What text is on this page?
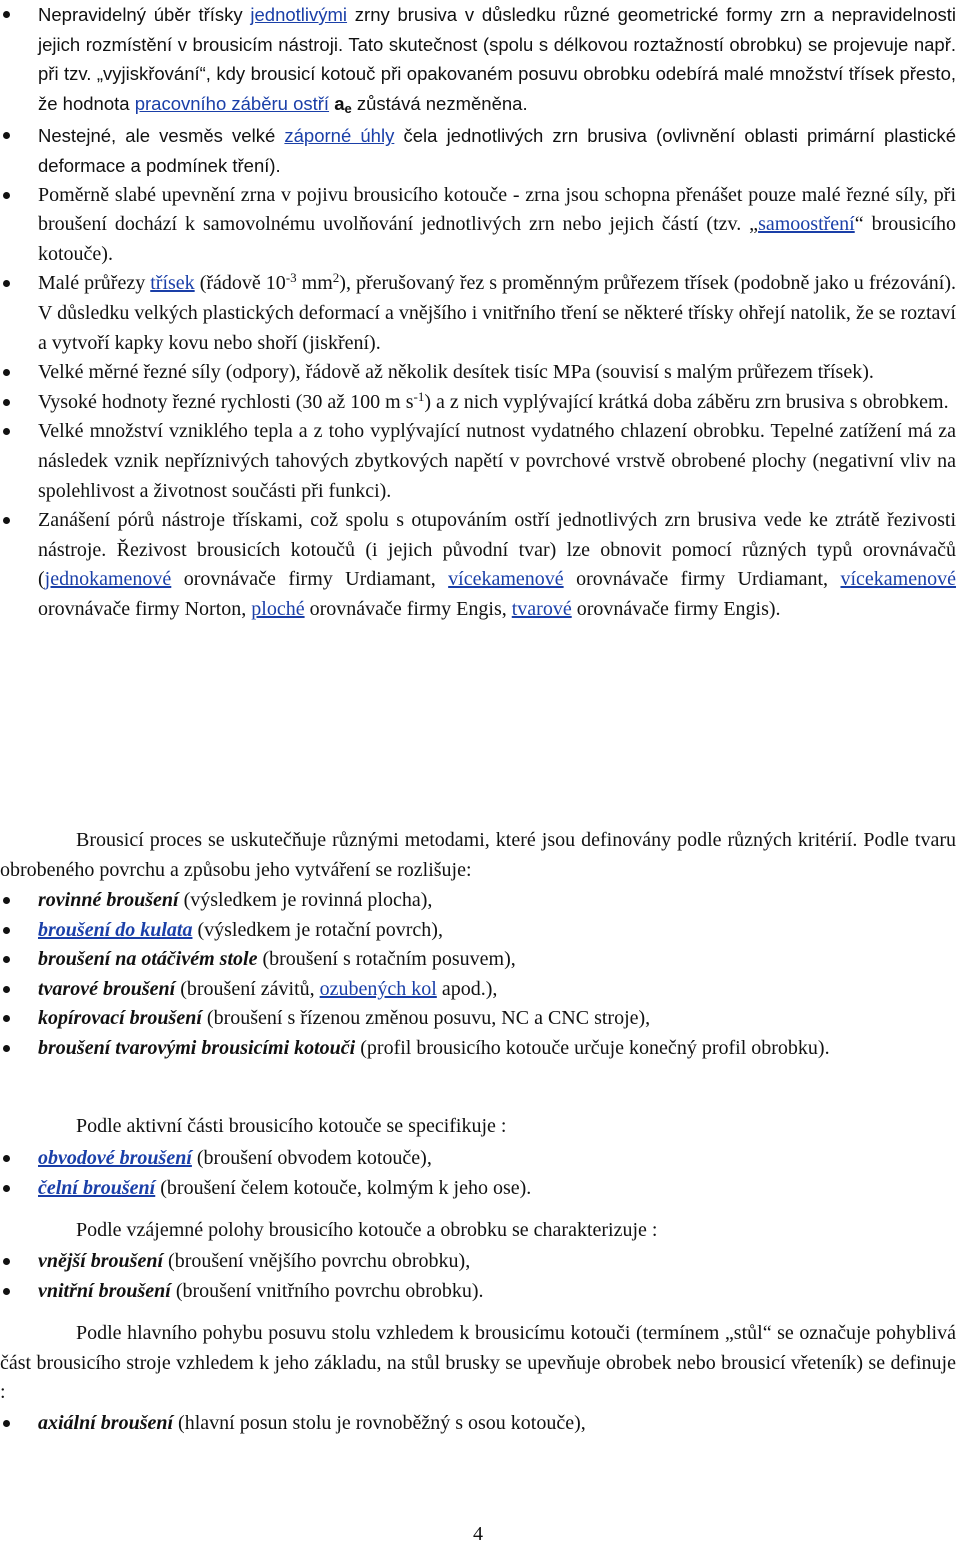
Nepravidelný úběr třísky jednotlivými zrny brusiva v důsledku různé geometrické formy zrn a nepravidelnosti jejich rozmístění v brousicím nástroji. Tato skutečnost (spolu s délkovou roztažností obrobku) se projevuje např. při tzv. „vyjiskřování“, kdy brousicí kotouč při opakovaném posuvu obrobku odebírá malé množství třísek přesto, že hodnota pracovního záběru ostří $a_e$ zůstává nezměněna.
Nestejné, ale vesměs velké záporné úhly čela jednotlivých zrn brusiva (ovlivnění oblasti primární plastické deformace a podmínek tření).
Poměrně slabé upevnění zrna v pojivu brousicího kotouče - zrna jsou schopna přenášet pouze malé řezné síly, při broušení dochází k samovolnému uvolňování jednotlivých zrn nebo jejich částí (tzv. „samoostření“ brousicího kotouče).
Malé průřezy třísek (řádově $10^{-3}$ $mm^2$), přerušovaný řez s proměnným průřezem třísek (podobně jako u frézování). V důsledku velkých plastických deformací a vnějšího i vnitřního tření se některé třísky ohřejí natolik, že se roztaví a vytvoří kapky kovu nebo shoří (jiskření).
Velké měrné řezné síly (odpory), řádově až několik desítek tisíc MPa (souvisí s malým průřezem třísek).
Vysoké hodnoty řezné rychlosti (30 až 100 m $s^{-1}$) a z nich vyplývající krátká doba záběru zrn brusiva s obrobkem.
Velké množství vzniklého tepla a z toho vyplývající nutnost vydatného chlazení obrobku. Tepelné zatížení má za následek vznik nepříznivých tahových zbytkových napětí v povrchové vrstvě obrobené plochy (negativní vliv na spolehlivost a životnost součásti při funkci).
Zanášení pórů nástroje třískami, což spolu s otupováním ostří jednotlivých zrn brusiva vede ke ztrátě řezivosti nástroje. Řezivost brousicích kotoučů (i jejich původní tvar) lze obnovit pomocí různých typů orovnávačů (jednokamenové orovnávače firmy Urdiamant, vícekamenové orovnávače firmy Urdiamant, vícekamenové orovnávače firmy Norton, ploché orovnávače firmy Engis, tvarové orovnávače firmy Engis).

Brousicí proces se uskutečňuje různými metodami, které jsou definovány podle různých kritérií. Podle tvaru obrobeného povrchu a způsobu jeho vytváření se rozlišuje:

rovinné broušení (výsledkem je rovinná plocha),
broušení do kulata (výsledkem je rotační povrch),
broušení na otáčivém stole (broušení s rotačním posuvem),
tvarové broušení (broušení závitů, ozubených kol apod.),
kopírovací broušení (broušení s řízenou změnou posuvu, NC a CNC stroje),
broušení tvarovými brousicími kotouči (profil brousicího kotouče určuje konečný profil obrobku).

Podle aktivní části brousicího kotouče se specifikuje :

obvodové broušení (broušení obvodem kotouče),
čelní broušení (broušení čelem kotouče, kolmým k jeho ose).

Podle vzájemné polohy brousicího kotouče a obrobku se charakterizuje :

vnější broušení (broušení vnějšího povrchu obrobku),
vnitřní broušení (broušení vnitřního povrchu obrobku).

Podle hlavního pohybu posuvu stolu vzhledem k brousicímu kotouči (termínem „stůl“ se označuje pohyblivá část brousicího stroje vzhledem k jeho základu, na stůl brusky se upevňuje obrobek nebo brousicí vřeteník) se definuje :

axiální broušení (hlavní posun stolu je rovnoběžný s osou kotouče),
4
